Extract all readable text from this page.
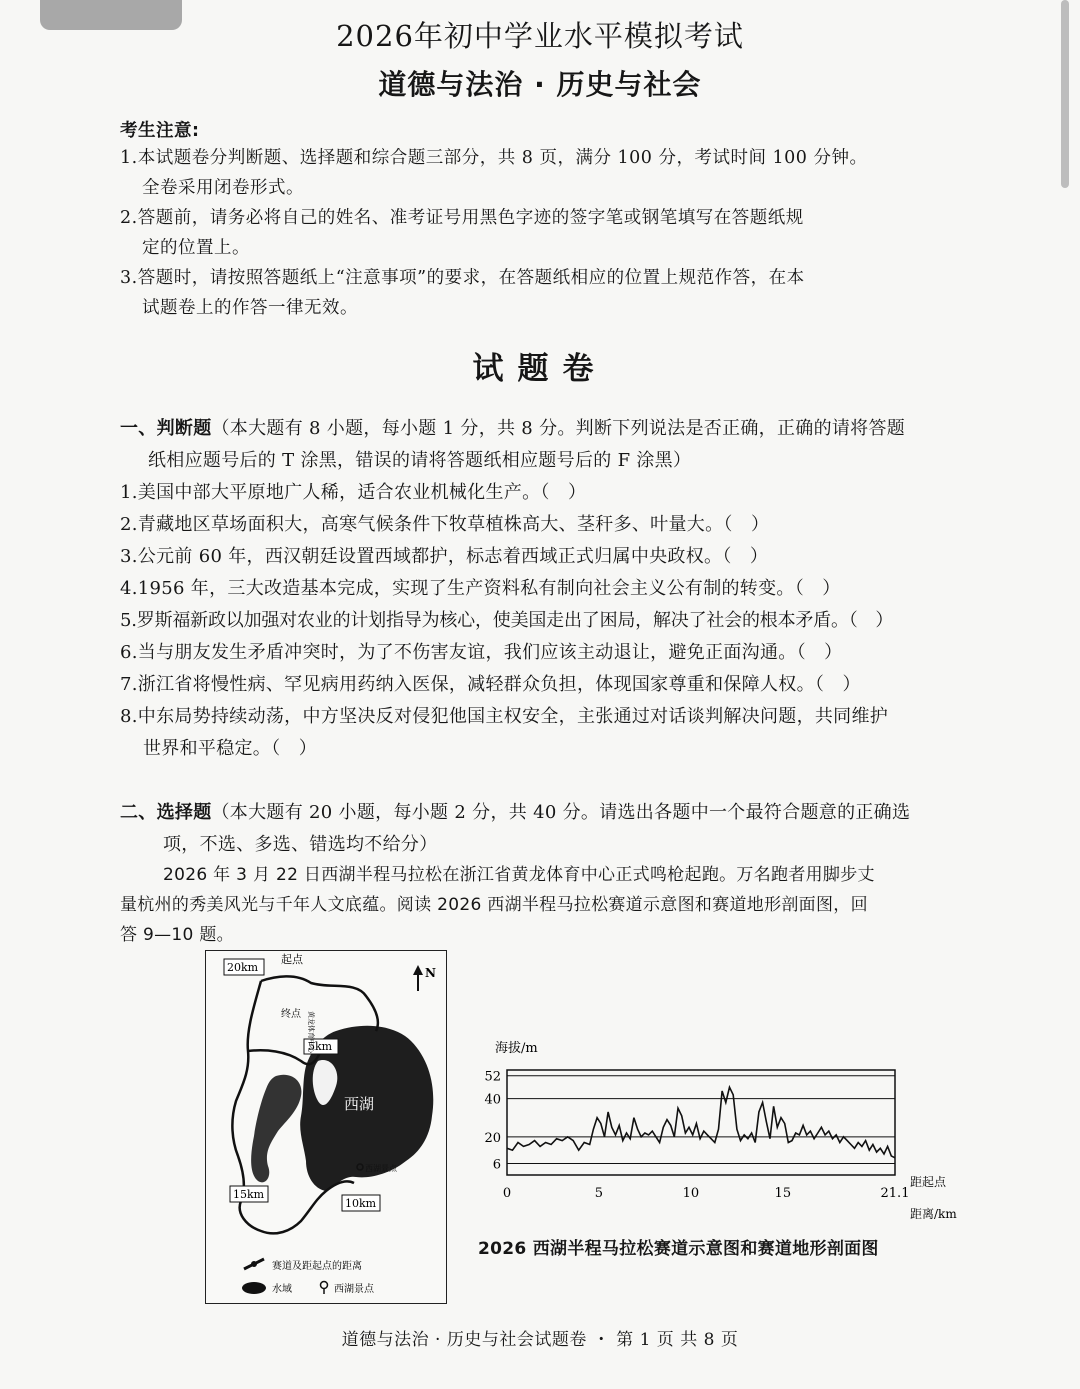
2026年初中学业水平模拟考试
道德与法治 · 历史与社会
考生注意:
1.本试题卷分判断题、选择题和综合题三部分，共 8 页，满分 100 分，考试时间 100 分钟。
全卷采用闭卷形式。
2.答题前，请务必将自己的姓名、准考证号用黑色字迹的签字笔或钢笔填写在答题纸规
定的位置上。
3.答题时，请按照答题纸上“注意事项”的要求，在答题纸相应的位置上规范作答，在本
试题卷上的作答一律无效。
试题卷
一、判断题（本大题有 8 小题，每小题 1 分，共 8 分。判断下列说法是否正确，正确的请将答题
纸相应题号后的 T 涂黑，错误的请将答题纸相应题号后的 F 涂黑）
1.美国中部大平原地广人稀，适合农业机械化生产。（　）
2.青藏地区草场面积大，高寒气候条件下牧草植株高大、茎秆多、叶量大。（　）
3.公元前 60 年，西汉朝廷设置西域都护，标志着西域正式归属中央政权。（　）
4.1956 年，三大改造基本完成，实现了生产资料私有制向社会主义公有制的转变。（　）
5.罗斯福新政以加强对农业的计划指导为核心，使美国走出了困局，解决了社会的根本矛盾。（　）
6.当与朋友发生矛盾冲突时，为了不伤害友谊，我们应该主动退让，避免正面沟通。（　）
7.浙江省将慢性病、罕见病用药纳入医保，减轻群众负担，体现国家尊重和保障人权。（　）
8.中东局势持续动荡，中方坚决反对侵犯他国主权安全，主张通过对话谈判解决问题，共同维护
世界和平稳定。（　）
二、选择题（本大题有 20 小题，每小题 2 分，共 40 分。请选出各题中一个最符合题意的正确选
项，不选、多选、错选均不给分）
2026 年 3 月 22 日西湖半程马拉松在浙江省黄龙体育中心正式鸣枪起跑。万名跑者用脚步丈
量杭州的秀美风光与千年人文底蕴。阅读 2026 西湖半程马拉松赛道示意图和赛道地形剖面图，回
答 9—10 题。
20km
5km
15km
10km
起点
终点 黄龙体育中心
西湖
西湖景点
N
赛道及距起点的距离
水域	西湖景点
海拔/m
52
40
20
6
0	5	10	15	21.1
距起点
距离/km
2026 西湖半程马拉松赛道示意图和赛道地形剖面图
道德与法治 · 历史与社会试题卷 ・ 第 1 页 共 8 页
